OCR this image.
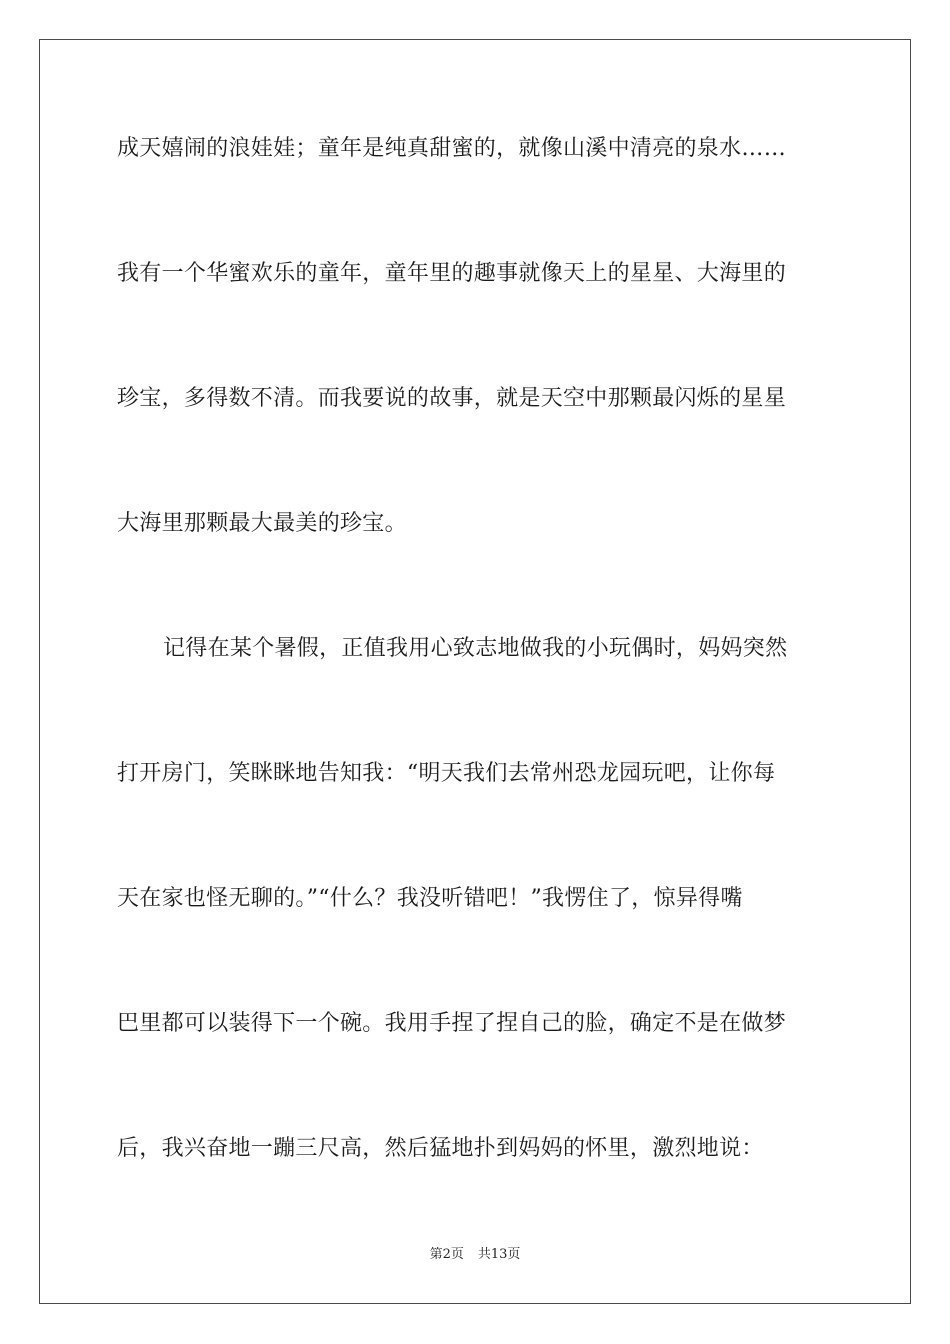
成天嬉闹的浪娃娃；童年是纯真甜蜜的，就像山溪中清亮的泉水……
我有一个华蜜欢乐的童年，童年里的趣事就像天上的星星、大海里的
珍宝，多得数不清。而我要说的故事，就是天空中那颗最闪烁的星星
大海里那颗最大最美的珍宝。
记得在某个暑假，正值我用心致志地做我的小玩偶时，妈妈突然
打开房门，笑眯眯地告知我：“明天我们去常州恐龙园玩吧，让你每
天在家也怪无聊的。”“什么？我没听错吧！”我愣住了，惊异得嘴
巴里都可以装得下一个碗。我用手捏了捏自己的脸，确定不是在做梦
后，我兴奋地一蹦三尺高，然后猛地扑到妈妈的怀里，激烈地说：
第2页 共13页
